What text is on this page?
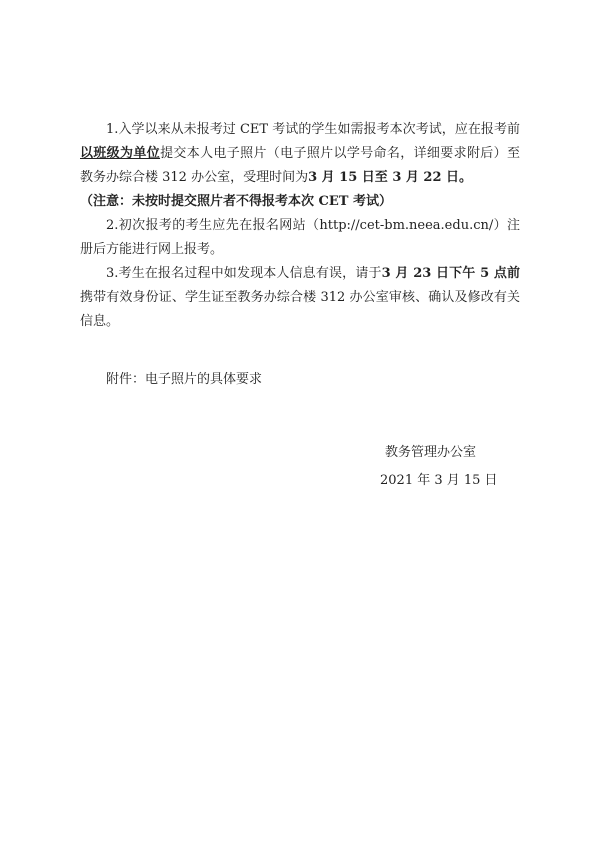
1.入学以来从未报考过 CET 考试的学生如需报考本次考试，应在报考前以班级为单位提交本人电子照片（电子照片以学号命名，详细要求附后）至教务办综合楼 312 办公室，受理时间为3 月 15 日至 3 月 22 日。
（注意：未按时提交照片者不得报考本次 CET 考试）

2.初次报考的考生应先在报名网站（http://cet-bm.neea.edu.cn/）注册后方能进行网上报考。

3.考生在报名过程中如发现本人信息有误，请于3 月 23 日下午 5 点前携带有效身份证、学生证至教务办综合楼 312 办公室审核、确认及修改有关信息。

附件：电子照片的具体要求

教务管理办公室

2021 年 3 月 15 日
